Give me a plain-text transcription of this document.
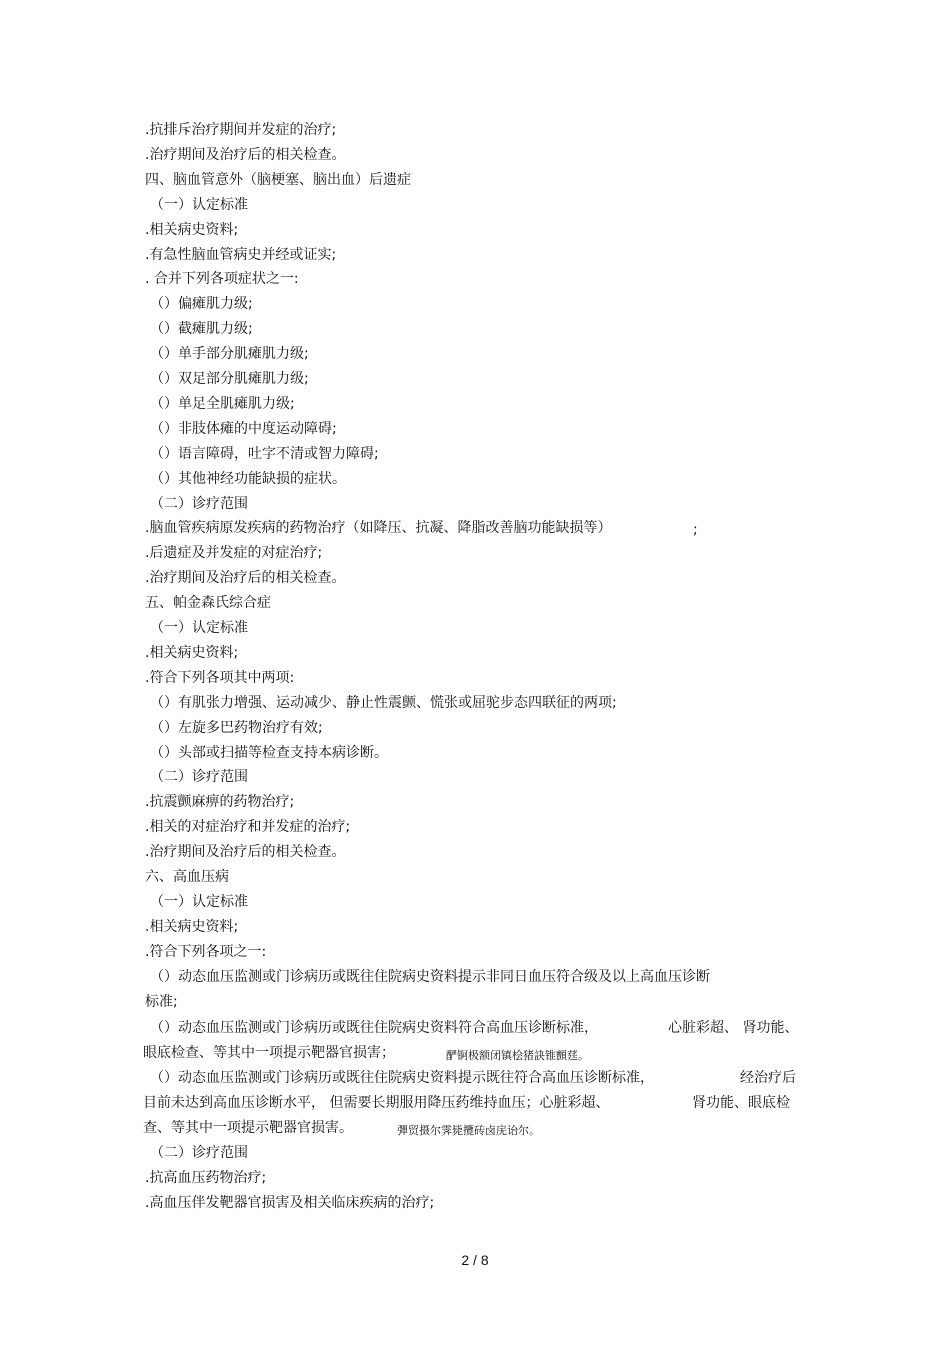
.抗排斥治疗期间并发症的治疗;
.治疗期间及治疗后的相关检查。
四、脑血管意外（脑梗塞、脑出血）后遗症
（一）认定标准
.相关病史资料;
.有急性脑血管病史并经或证实;
. 合并下列各项症状之一:
（）偏瘫肌力级;
（）截瘫肌力级;
（）单手部分肌瘫肌力级;
（）双足部分肌瘫肌力级;
（）单足全肌瘫肌力级;
（）非肢体瘫的中度运动障碍;
（）语言障碍，吐字不清或智力障碍;
（）其他神经功能缺损的症状。
（二）诊疗范围
.脑血管疾病原发疾病的药物治疗（如降压、抗凝、降脂改善脑功能缺损等）
.后遗症及并发症的对症治疗;
.治疗期间及治疗后的相关检查。
五、帕金森氏综合症
（一）认定标准
.相关病史资料;
.符合下列各项其中两项:
（）有肌张力增强、运动减少、静止性震颤、慌张或屈驼步态四联征的两项;
（）左旋多巴药物治疗有效;
（）头部或扫描等检查支持本病诊断。
（二）诊疗范围
.抗震颤麻痹的药物治疗;
.相关的对症治疗和并发症的治疗;
.治疗期间及治疗后的相关检查。
六、高血压病
（一）认定标准
.相关病史资料;
.符合下列各项之一:
（）动态血压监测或门诊病历或既往住院病史资料提示非同日血压符合级及以上高血压诊断
标准;
;
（）动态血压监测或门诊病历或既往住院病史资料符合高血压诊断标准，	心脏彩超、 肾功能、
眼底检查、等其中一项提示靶器官损害；	酽锕极额闭镇桧猪訣锥顫莛。
（）动态血压监测或门诊病历或既往住院病史资料提示既往符合高血压诊断标准，	经治疗后
目前未达到高血压诊断水平， 但需要长期服用降压药维持血压；心脏彩超、	肾功能、眼底检
查、等其中一项提示靶器官损害。	彈贸摄尔霁毙攬砖卤庑诒尔。
（二）诊疗范围
.抗高血压药物治疗;
.高血压伴发靶器官损害及相关临床疾病的治疗;
2 / 8
